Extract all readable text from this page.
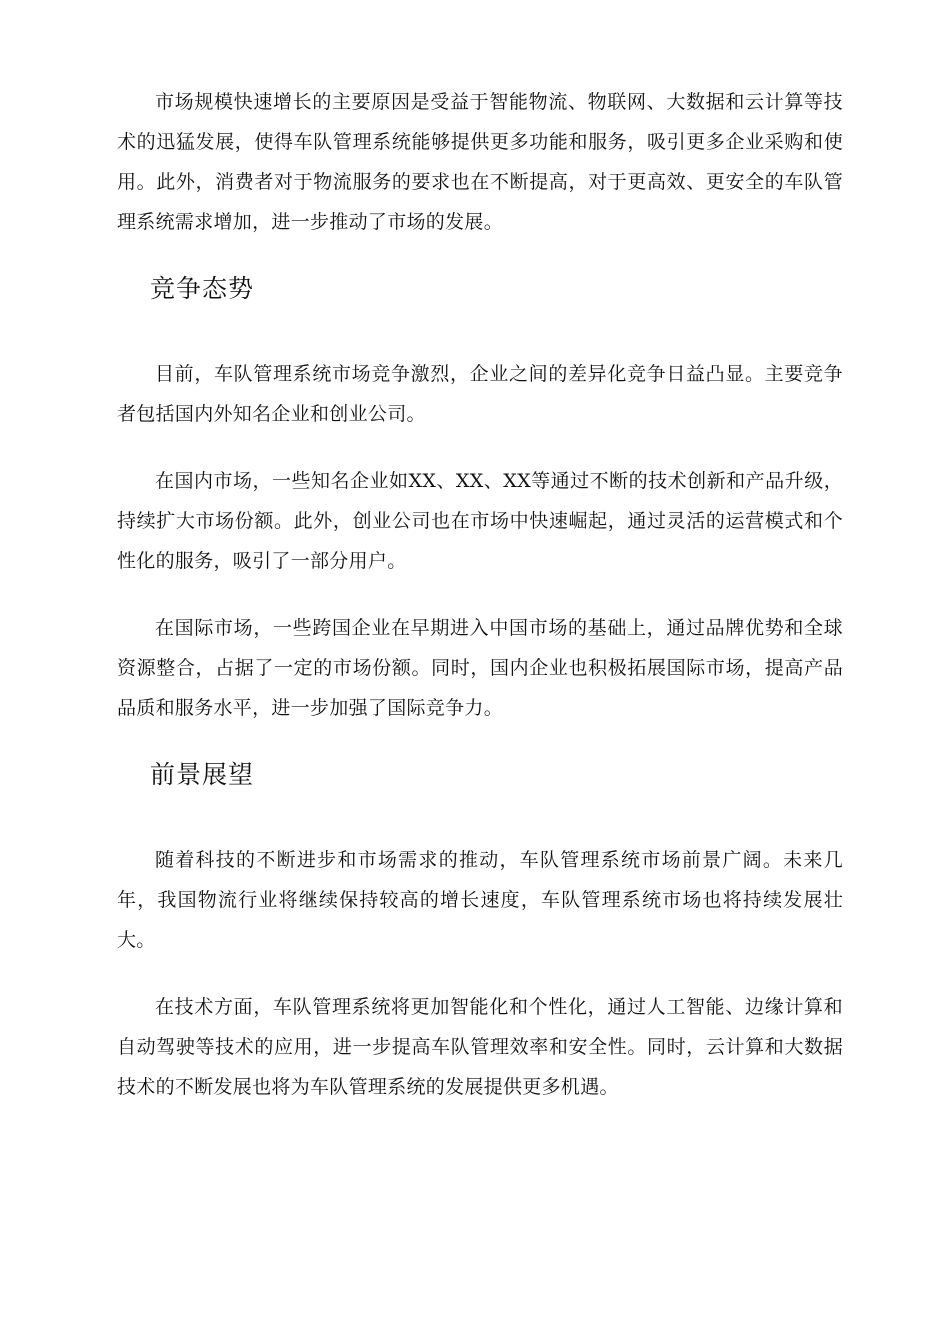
市场规模快速增长的主要原因是受益于智能物流、物联网、大数据和云计算等技术的迅猛发展，使得车队管理系统能够提供更多功能和服务，吸引更多企业采购和使用。此外，消费者对于物流服务的要求也在不断提高，对于更高效、更安全的车队管理系统需求增加，进一步推动了市场的发展。

竞争态势

目前，车队管理系统市场竞争激烈，企业之间的差异化竞争日益凸显。主要竞争者包括国内外知名企业和创业公司。

在国内市场，一些知名企业如XX、XX、XX等通过不断的技术创新和产品升级，持续扩大市场份额。此外，创业公司也在市场中快速崛起，通过灵活的运营模式和个性化的服务，吸引了一部分用户。

在国际市场，一些跨国企业在早期进入中国市场的基础上，通过品牌优势和全球资源整合，占据了一定的市场份额。同时，国内企业也积极拓展国际市场，提高产品品质和服务水平，进一步加强了国际竞争力。

前景展望

随着科技的不断进步和市场需求的推动，车队管理系统市场前景广阔。未来几年，我国物流行业将继续保持较高的增长速度，车队管理系统市场也将持续发展壮大。

在技术方面，车队管理系统将更加智能化和个性化，通过人工智能、边缘计算和自动驾驶等技术的应用，进一步提高车队管理效率和安全性。同时，云计算和大数据技术的不断发展也将为车队管理系统的发展提供更多机遇。
